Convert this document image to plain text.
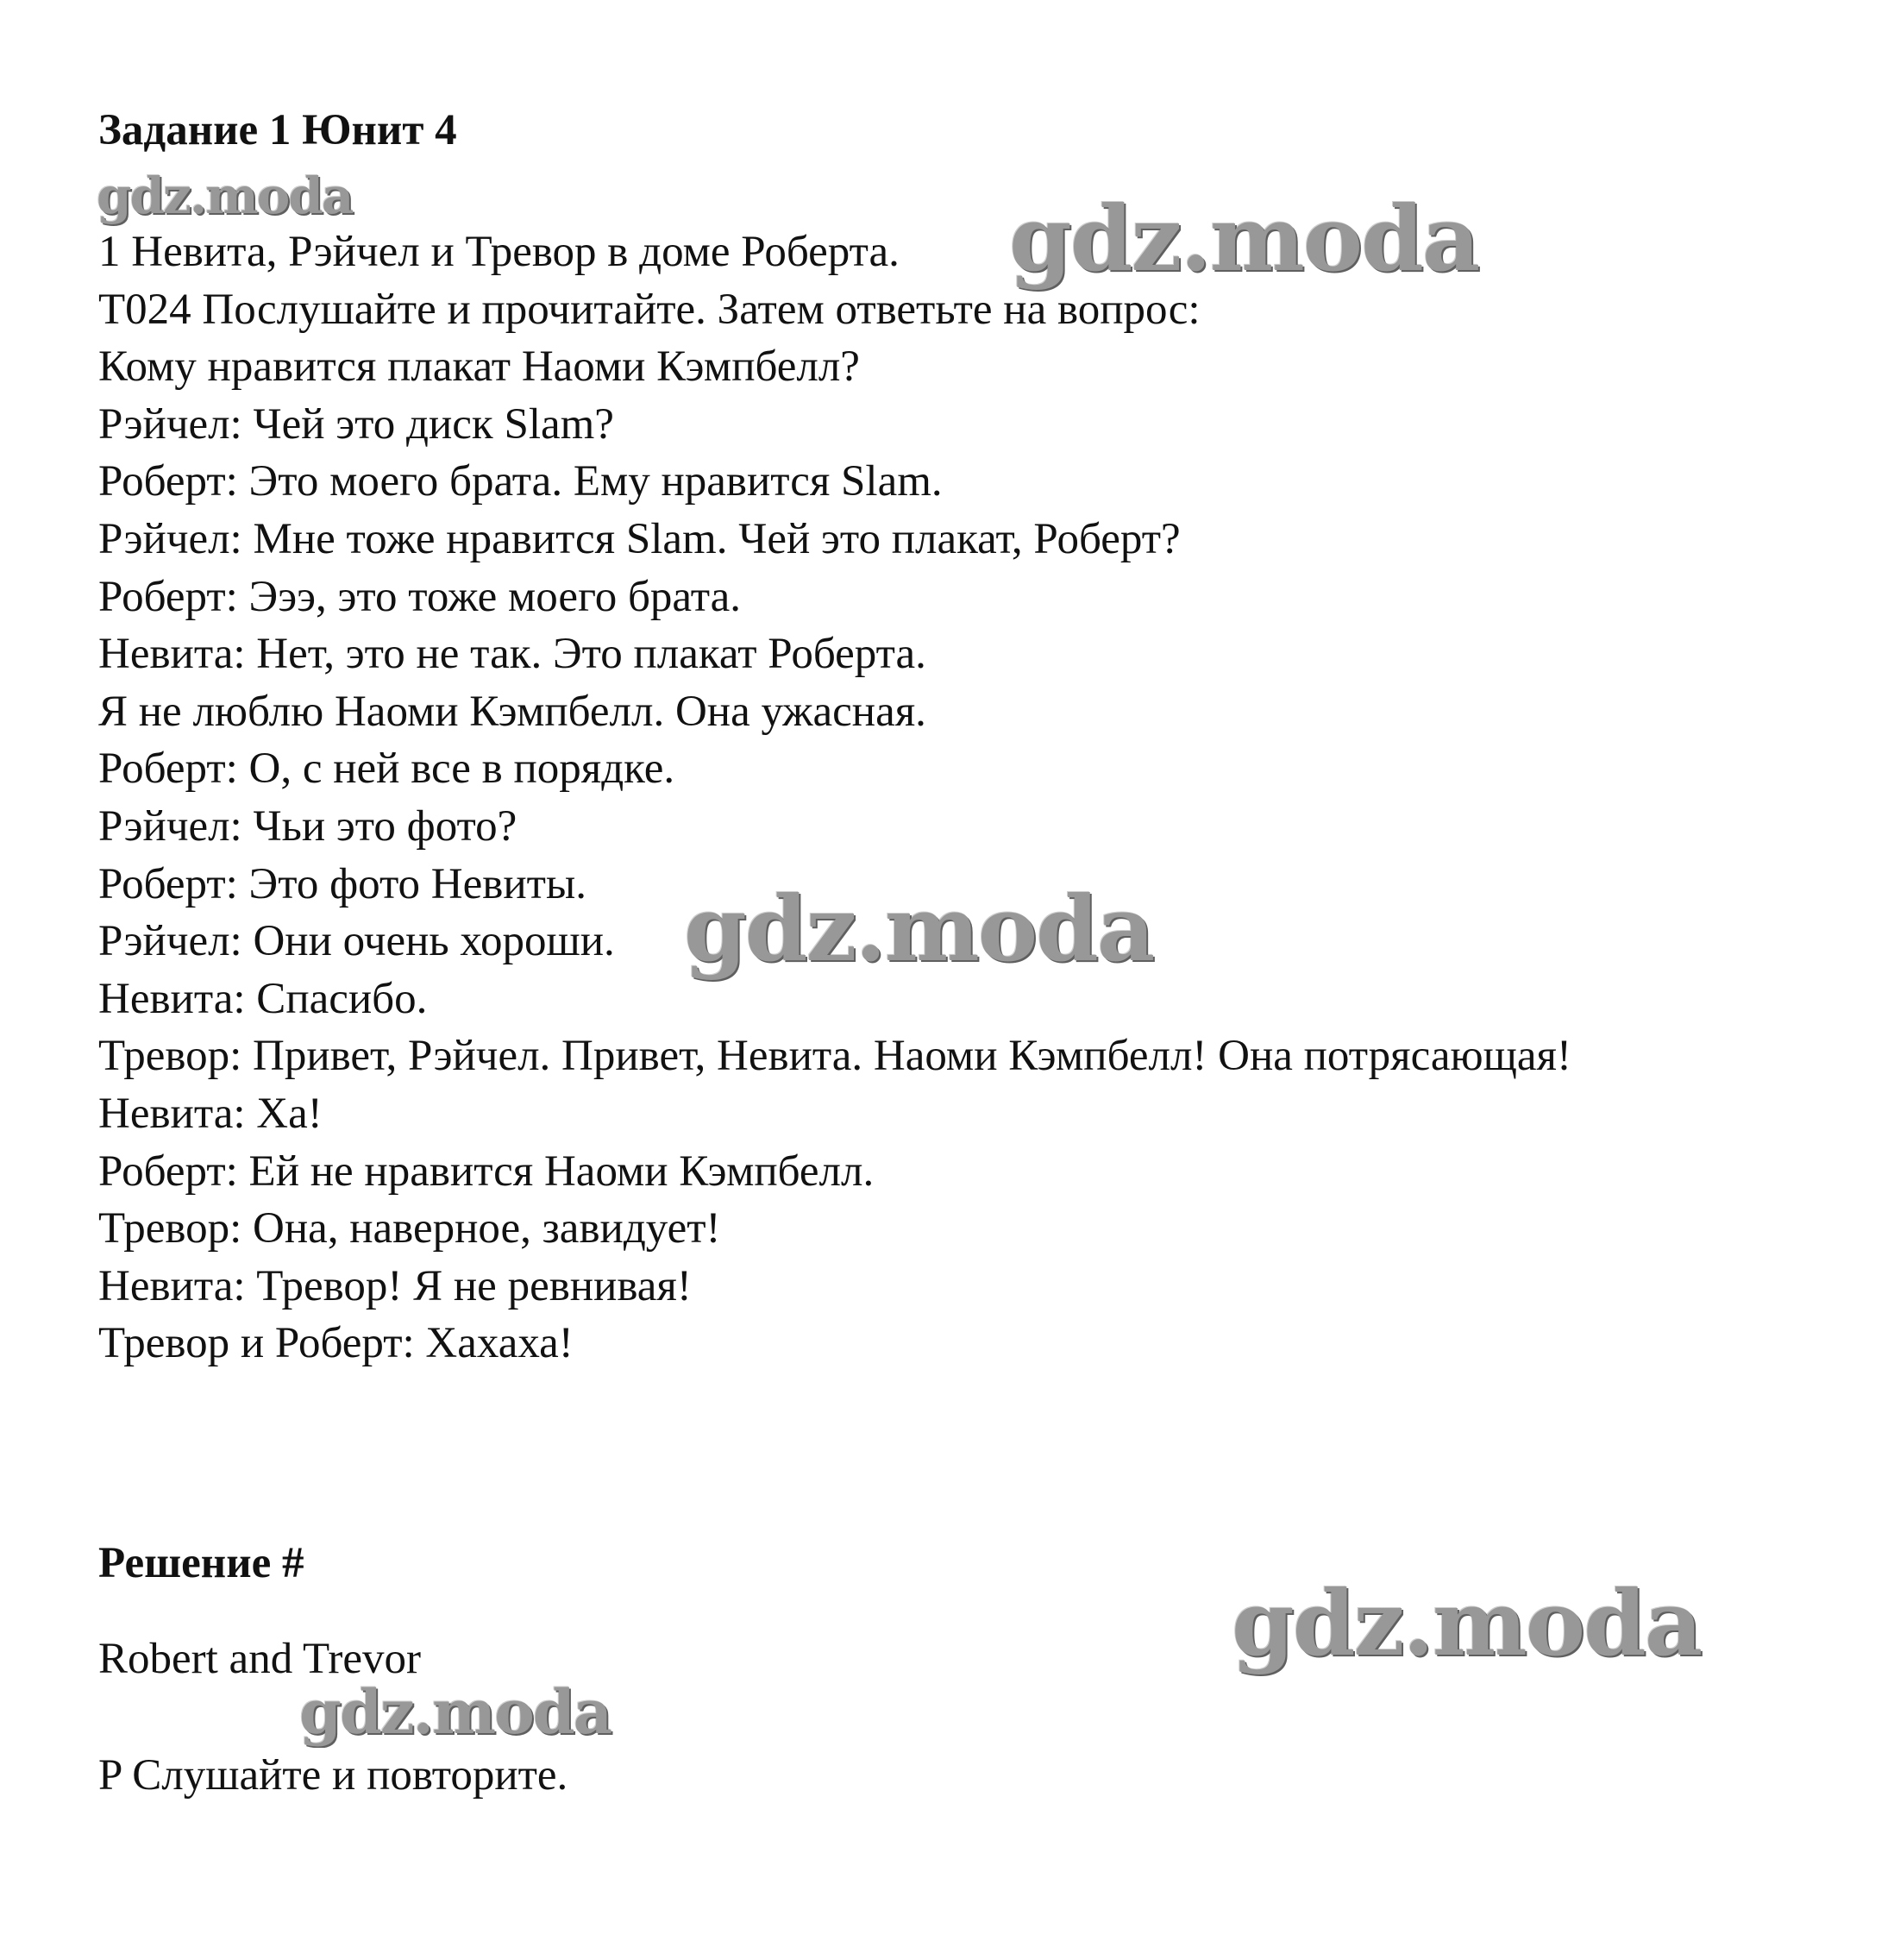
Задание 1 Юнит 4
1 Невита, Рэйчел и Тревор в доме Роберта.
T024 Послушайте и прочитайте. Затем ответьте на вопрос:
Кому нравится плакат Наоми Кэмпбелл?
Рэйчел: Чей это диск Slam?
Роберт: Это моего брата. Ему нравится Slam.
Рэйчел: Мне тоже нравится Slam. Чей это плакат, Роберт?
Роберт: Эээ, это тоже моего брата.
Невита: Нет, это не так. Это плакат Роберта.
Я не люблю Наоми Кэмпбелл. Она ужасная.
Роберт: О, с ней все в порядке.
Рэйчел: Чьи это фото?
Роберт: Это фото Невиты.
Рэйчел: Они очень хороши.
Невита: Спасибо.
Тревор: Привет, Рэйчел. Привет, Невита. Наоми Кэмпбелл! Она потрясающая!
Невита: Ха!
Роберт: Ей не нравится Наоми Кэмпбелл.
Тревор: Она, наверное, завидует!
Невита: Тревор! Я не ревнивая!
Тревор и Роберт: Хахаха!
Решение #
Robert and Trevor
P Слушайте и повторите.
gdz.moda	gdz.moda
gdz.moda
gdz.moda
gdz.moda
